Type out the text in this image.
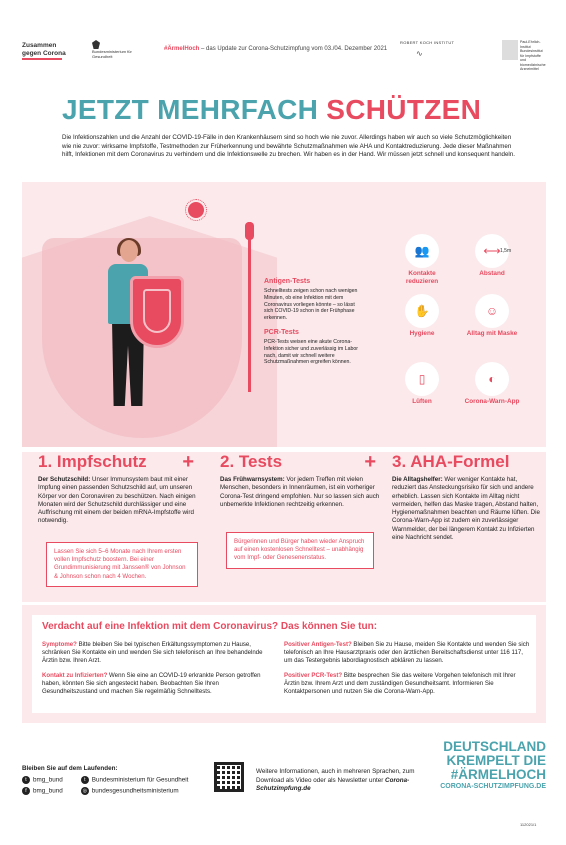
Zusammen gegen Corona	Bundesministerium für Gesundheit
#ÄrmelHoch – das Update zur Corona-Schutzimpfung vom 03./04. Dezember 2021
ROBERT KOCH INSTITUT
∿
Paul-Ehrlich-Institut Bundesinstitut für Impfstoffe und biomedizinische Arzneimittel
JETZT MEHRFACH SCHÜTZEN

Die Infektionszahlen und die Anzahl der COVID-19-Fälle in den Krankenhäusern sind so hoch wie nie zuvor. Allerdings haben wir auch so viele Schutzmöglichkeiten wie nie zuvor: wirksame Impfstoffe, Testmethoden zur Früherkennung und bewährte Schutzmaßnahmen wie AHA und Kontaktreduzierung. Jede dieser Maßnahmen hilft, Infektionen mit dem Coronavirus zu verhindern und die Infektionswelle zu brechen. Wir haben es in der Hand. Wir müssen jetzt schnell und konsequent handeln.

Antigen-Tests

Schnelltests zeigen schon nach wenigen Minuten, ob eine Infektion mit dem Coronavirus vorliegen könnte – so lässt sich COVID-19 schon in der Frühphase erkennen.

PCR-Tests

PCR-Tests weisen eine akute Corona-Infektion sicher und zuverlässig im Labor nach, damit wir schnell weitere Schutzmaßnahmen ergreifen können.

👥
Kontakte reduzieren
⟷ 1,5m
Abstand
✋
Hygiene
☺
Alltag mit Maske
▯
Lüften
◐
Corona-Warn-App
1. Impfschutz +

Der Schutzschild: Unser Immunsystem baut mit einer Impfung einen passenden Schutzschild auf, um unseren Körper vor den Coronaviren zu beschützen. Nach einigen Monaten wird der Schutzschild durchlässiger und eine Auffrischung mit einem der beiden mRNA-Impfstoffe wird notwendig.

Lassen Sie sich 5–6 Monate nach Ihrem ersten vollen Impfschutz boostern. Bei einer Grundimmunisierung mit Janssen® von Johnson & Johnson schon nach 4 Wochen.
2. Tests	+

Das Frühwarnsystem: Vor jedem Treffen mit vielen Menschen, besonders in Innenräumen, ist ein vorheriger Corona-Test dringend empfohlen. Nur so lassen sich auch unbemerkte Infektionen rechtzeitig erkennen.

Bürgerinnen und Bürger haben wieder Anspruch auf einen kostenlosen Schnelltest – unabhängig vom Impf- oder Genesenenstatus.
3. AHA-Formel

Die Alltagshelfer: Wer weniger Kontakte hat, reduziert das Ansteckungsrisiko für sich und andere erheblich. Lassen sich Kontakte im Alltag nicht vermeiden, helfen das Maske tragen, Abstand halten, Hygienemaßnahmen beachten und Räume lüften. Die Corona-Warn-App ist zudem ein zuverlässiger Warnmelder, der bei längerem Kontakt zu Infizierten eine Nachricht sendet.

Verdacht auf eine Infektion mit dem Coronavirus? Das können Sie tun:

Symptome? Bitte bleiben Sie bei typischen Erkältungssymptomen zu Hause, schränken Sie Kontakte ein und wenden Sie sich telefonisch an Ihre behandelnde Ärztin bzw. Ihren Arzt.

Kontakt zu Infizierten? Wenn Sie eine an COVID-19 erkrankte Person getroffen haben, könnten Sie sich angesteckt haben. Beobachten Sie Ihren Gesundheitszustand und machen Sie regelmäßig Schnelltests.

Positiver Antigen-Test? Bleiben Sie zu Hause, meiden Sie Kontakte und wenden Sie sich telefonisch an Ihre Hausarztpraxis oder den ärztlichen Bereitschaftsdienst unter 116 117, um das Testergebnis labordiagnostisch abklären zu lassen.

Positiver PCR-Test? Bitte besprechen Sie das weitere Vorgehen telefonisch mit Ihrer Ärztin bzw. Ihrem Arzt und dem zuständigen Gesundheitsamt. Informieren Sie Kontaktpersonen und nutzen Sie die Corona-Warn-App.

Bleiben Sie auf dem Laufenden:
t bmg_bund	t Bundesministerium für Gesundheit
f bmg_bund	◎ bundesgesundheitsministerium

Weitere Informationen, auch in mehreren Sprachen, zum Download als Video oder als Newsletter unter Corona-Schutzimpfung.de

DEUTSCHLAND
KREMPELT DIE
#ÄRMELHOCH
CORONA-SCHUTZIMPFUNG.DE
112021/1
